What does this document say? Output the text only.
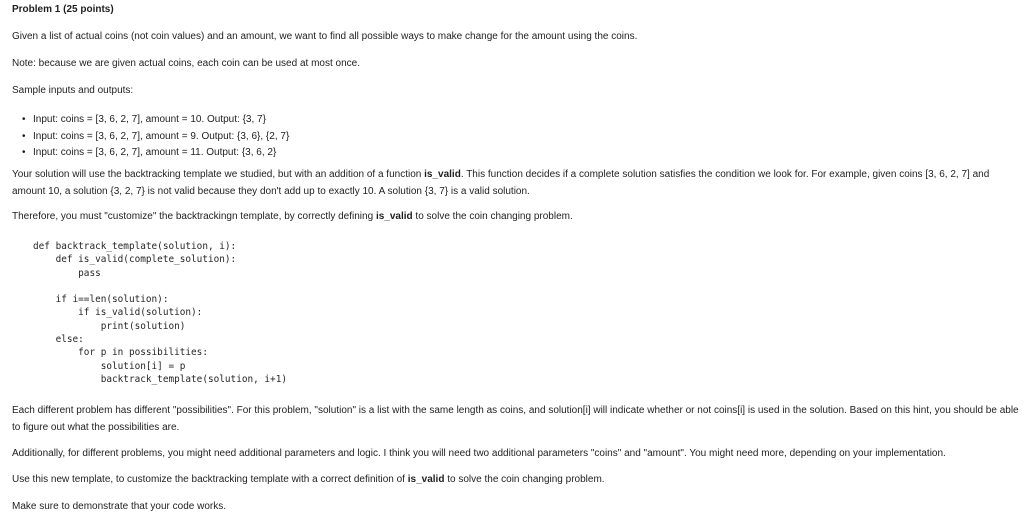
Problem 1 (25 points)
Given a list of actual coins (not coin values) and an amount, we want to find all possible ways to make change for the amount using the coins.
Note: because we are given actual coins, each coin can be used at most once.
Sample inputs and outputs:
• Input: coins = [3, 6, 2, 7], amount = 10. Output: {3, 7}
• Input: coins = [3, 6, 2, 7], amount = 9. Output: {3, 6}, {2, 7}
• Input: coins = [3, 6, 2, 7], amount = 11. Output: {3, 6, 2}
Your solution will use the backtracking template we studied, but with an addition of a function is_valid. This function decides if a complete solution satisfies the condition we look for. For example, given coins [3, 6, 2, 7] and amount 10, a solution {3, 2, 7} is not valid because they don't add up to exactly 10. A solution {3, 7} is a valid solution.
Therefore, you must "customize" the backtrackingn template, by correctly defining is_valid to solve the coin changing problem.
def backtrack_template(solution, i):
def is_valid(complete_solution):
pass

if i==len(solution):
if is_valid(solution):
print(solution)
else:
for p in possibilities:
solution[i] = p
backtrack_template(solution, i+1)
Each different problem has different "possibilities". For this problem, "solution" is a list with the same length as coins, and solution[i] will indicate whether or not coins[i] is used in the solution. Based on this hint, you should be able to figure out what the possibilities are.
Additionally, for different problems, you might need additional parameters and logic. I think you will need two additional parameters "coins" and "amount". You might need more, depending on your implementation.
Use this new template, to customize the backtracking template with a correct definition of is_valid to solve the coin changing problem.
Make sure to demonstrate that your code works.
